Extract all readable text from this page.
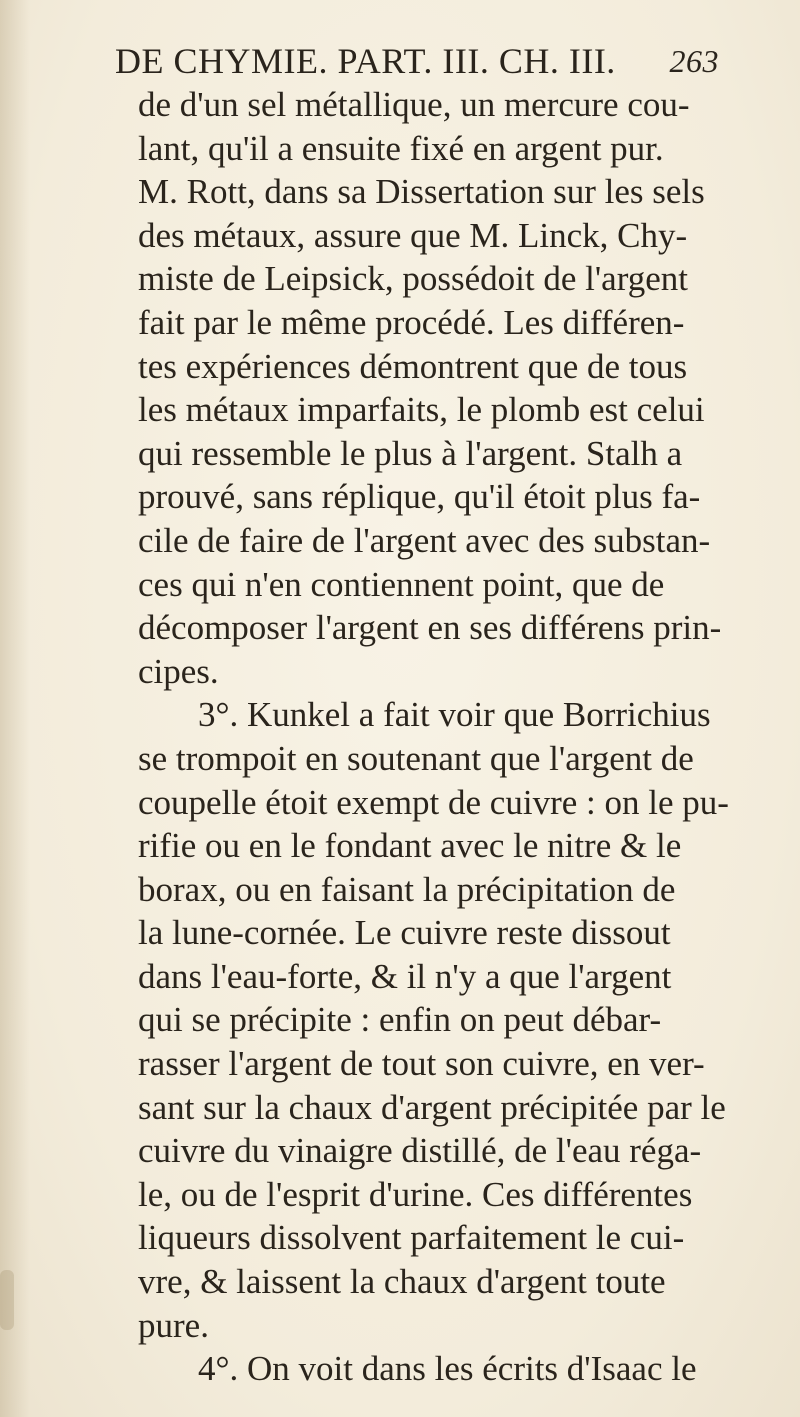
DE CHYMIE. PART. III. CH. III. 263
de d'un sel métallique, un mercure cou-
lant, qu'il a ensuite fixé en argent pur.
M. Rott, dans sa Dissertation sur les sels
des métaux, assure que M. Linck, Chy-
miste de Leipsick, possédoit de l'argent
fait par le même procédé. Les différen-
tes expériences démontrent que de tous
les métaux imparfaits, le plomb est celui
qui ressemble le plus à l'argent. Stalh a
prouvé, sans réplique, qu'il étoit plus fa-
cile de faire de l'argent avec des substan-
ces qui n'en contiennent point, que de
décomposer l'argent en ses différens prin-
cipes.
3°. Kunkel a fait voir que Borrichius
se trompoit en soutenant que l'argent de
coupelle étoit exempt de cuivre : on le pu-
rifie ou en le fondant avec le nitre & le
borax, ou en faisant la précipitation de
la lune-cornée. Le cuivre reste dissout
dans l'eau-forte, & il n'y a que l'argent
qui se précipite : enfin on peut débar-
rasser l'argent de tout son cuivre, en ver-
sant sur la chaux d'argent précipitée par le
cuivre du vinaigre distillé, de l'eau réga-
le, ou de l'esprit d'urine. Ces différentes
liqueurs dissolvent parfaitement le cui-
vre, & laissent la chaux d'argent toute
pure.
4°. On voit dans les écrits d'Isaac le
